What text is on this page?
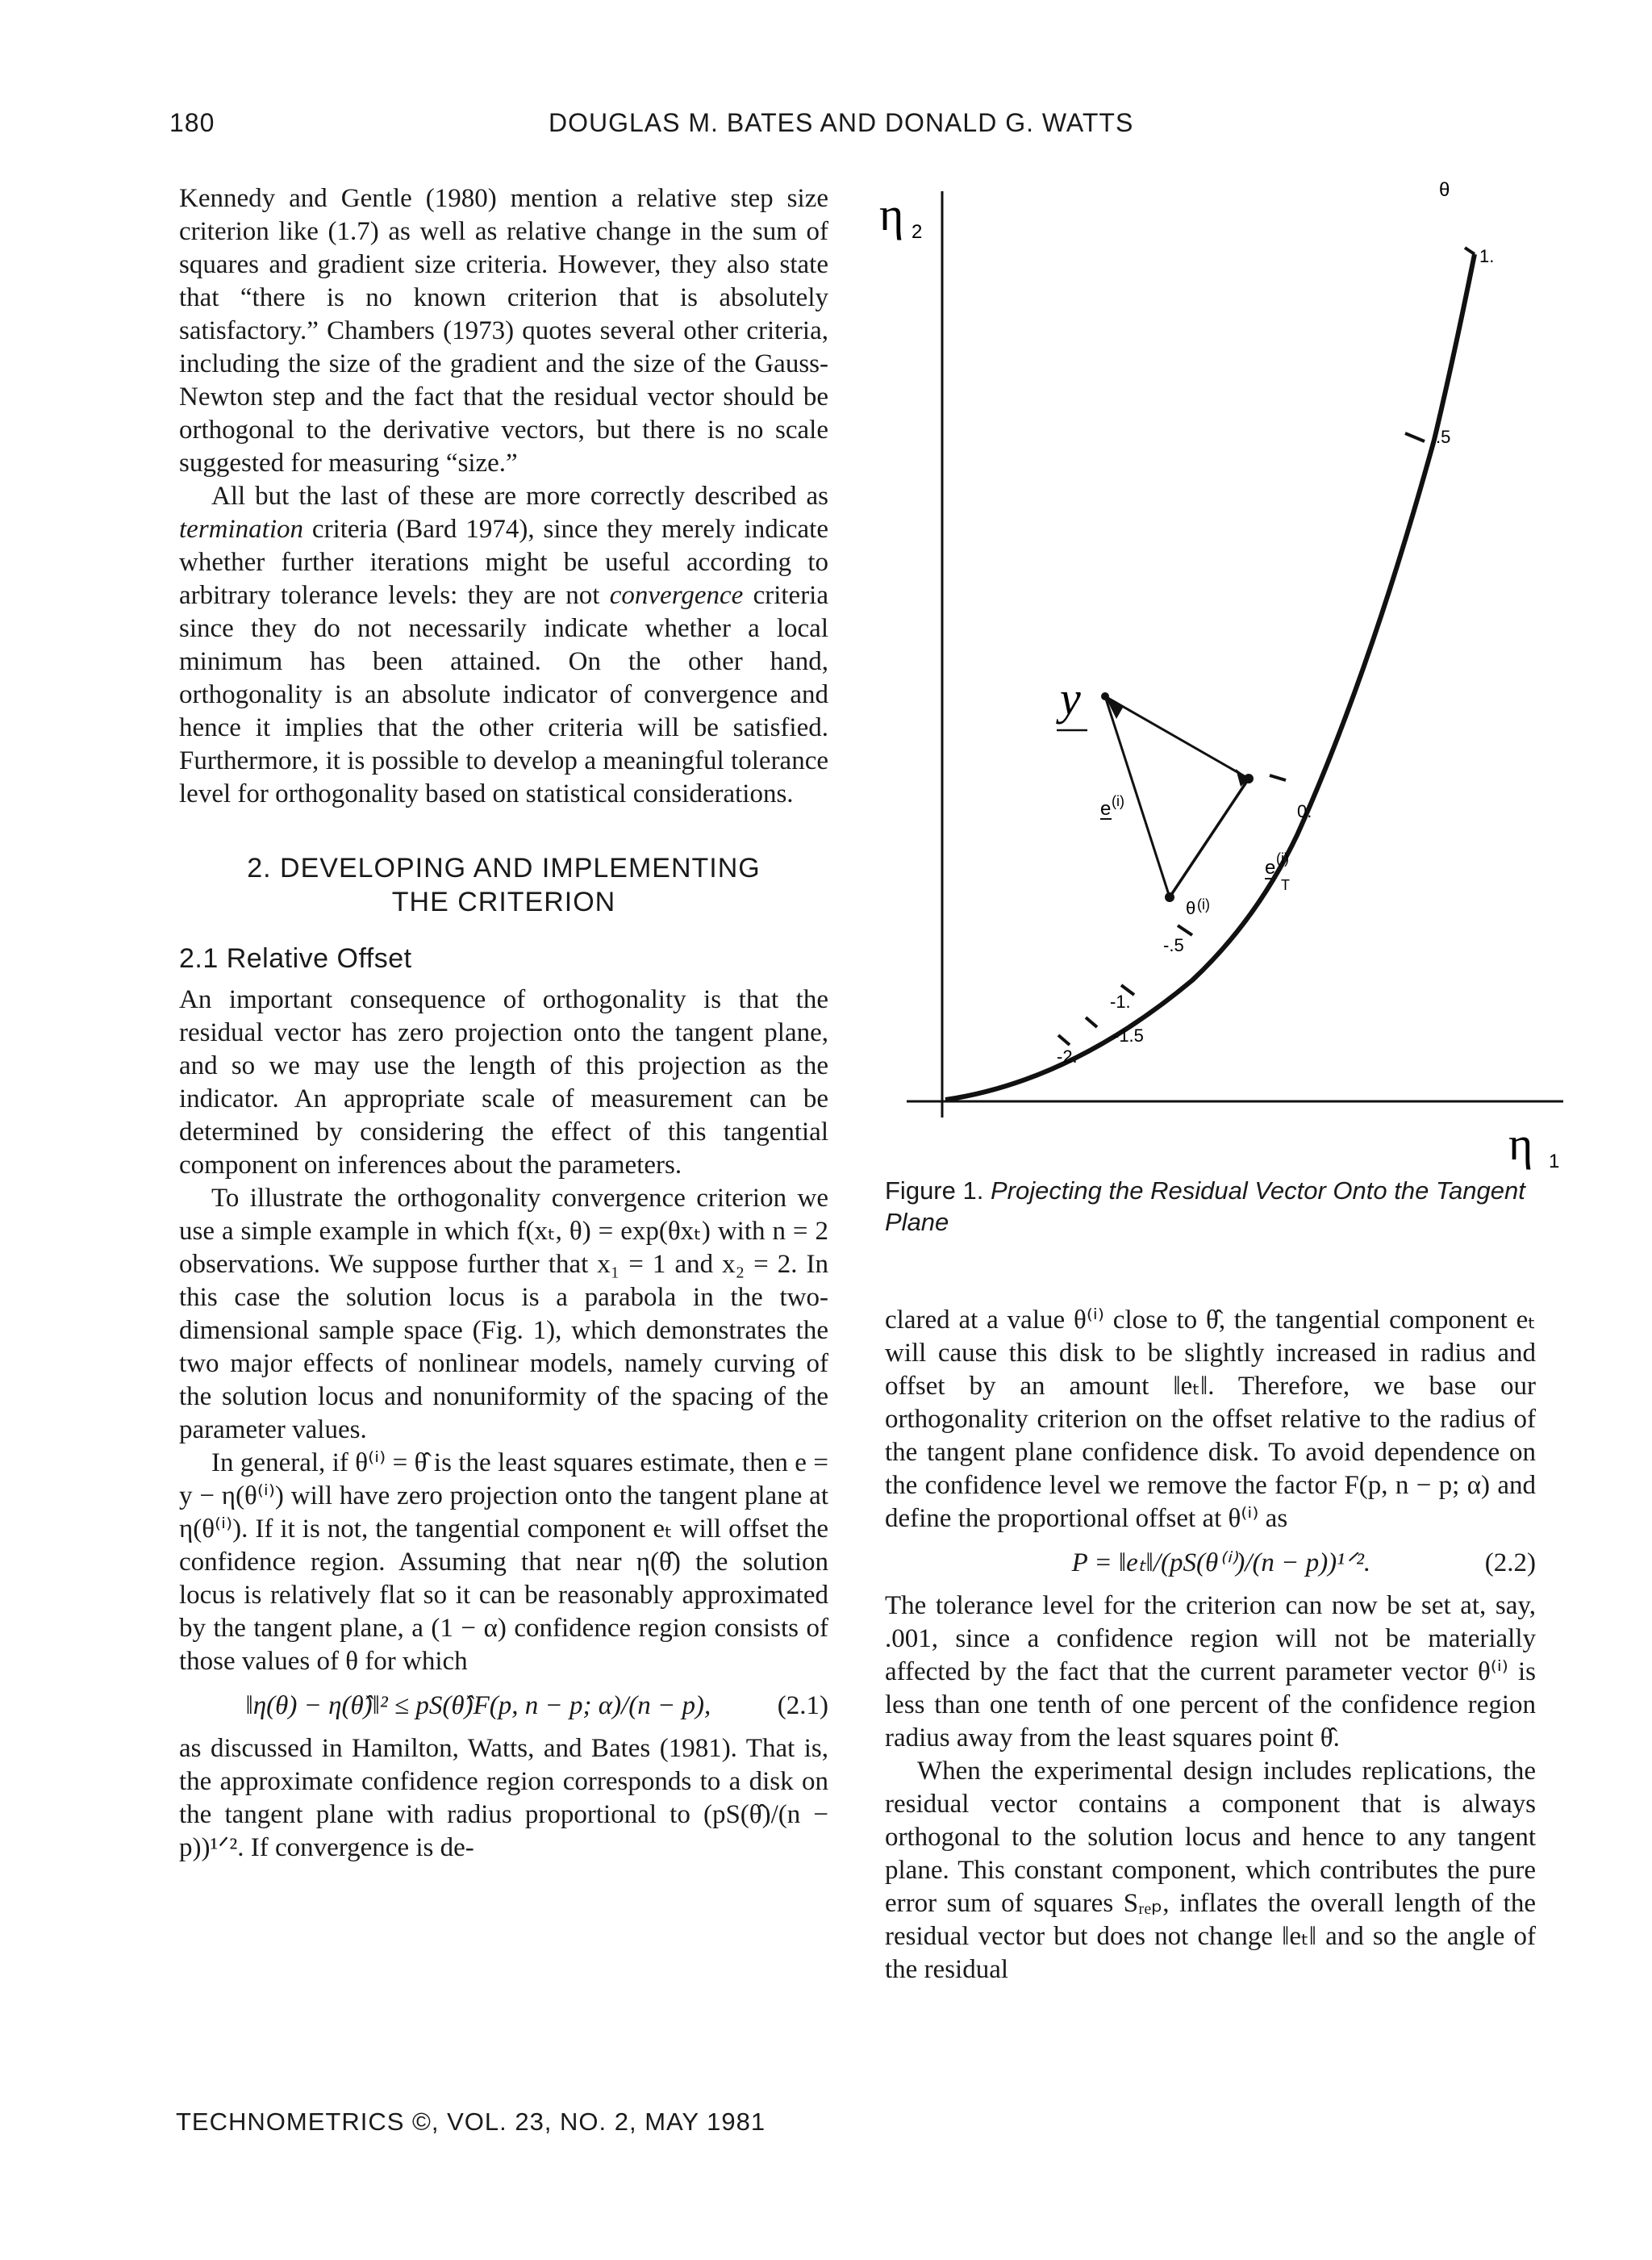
180	DOUGLAS M. BATES AND DONALD G. WATTS

Kennedy and Gentle (1980) mention a relative step size criterion like (1.7) as well as relative change in the sum of squares and gradient size criteria. However, they also state that “there is no known criterion that is absolutely satisfactory.” Chambers (1973) quotes several other criteria, including the size of the gradient and the size of the Gauss-Newton step and the fact that the residual vector should be orthogonal to the derivative vectors, but there is no scale suggested for measuring “size.”

All but the last of these are more correctly described as termination criteria (Bard 1974), since they merely indicate whether further iterations might be useful according to arbitrary tolerance levels: they are not convergence criteria since they do not necessarily indicate whether a local minimum has been attained. On the other hand, orthogonality is an absolute indicator of convergence and hence it implies that the other criteria will be satisfied. Furthermore, it is possible to develop a meaningful tolerance level for orthogonality based on statistical considerations.

2. DEVELOPING AND IMPLEMENTING
THE CRITERION
2.1 Relative Offset

An important consequence of orthogonality is that the residual vector has zero projection onto the tangent plane, and so we may use the length of this projection as the indicator. An appropriate scale of measurement can be determined by considering the effect of this tangential component on inferences about the parameters.

To illustrate the orthogonality convergence criterion we use a simple example in which f(xₜ, θ) = exp(θxₜ) with n = 2 observations. We suppose further that x₁ = 1 and x₂ = 2. In this case the solution locus is a parabola in the two-dimensional sample space (Fig. 1), which demonstrates the two major effects of nonlinear models, namely curving of the solution locus and nonuniformity of the spacing of the parameter values.

In general, if θ⁽ⁱ⁾ = θ̂ is the least squares estimate, then e = y − η(θ⁽ⁱ⁾) will have zero projection onto the tangent plane at η(θ⁽ⁱ⁾). If it is not, the tangential component eₜ will offset the confidence region. Assuming that near η(θ̂) the solution locus is relatively flat so it can be reasonably approximated by the tangent plane, a (1 − α) confidence region consists of those values of θ for which

‖η(θ) − η(θ̂)‖² ≤ pS(θ̂)F(p, n − p; α)/(n − p),	(2.1)

as discussed in Hamilton, Watts, and Bates (1981). That is, the approximate confidence region corresponds to a disk on the tangent plane with radius proportional to (pS(θ̂)/(n − p))¹ᐟ². If convergence is de-

η 2
η 1
θ
1.
.5
0.
-.5
-1.
-1.5
-2.
y
e (i)
e (i)
T
θ (i)
Figure 1. Projecting the Residual Vector Onto the Tangent Plane

clared at a value θ⁽ⁱ⁾ close to θ̂, the tangential component eₜ will cause this disk to be slightly increased in radius and offset by an amount ‖eₜ‖. Therefore, we base our orthogonality criterion on the offset relative to the radius of the tangent plane confidence disk. To avoid dependence on the confidence level we remove the factor F(p, n − p; α) and define the proportional offset at θ⁽ⁱ⁾ as

P = ‖eₜ‖/(pS(θ⁽ⁱ⁾)/(n − p))¹ᐟ².	(2.2)

The tolerance level for the criterion can now be set at, say, .001, since a confidence region will not be materially affected by the fact that the current parameter vector θ⁽ⁱ⁾ is less than one tenth of one percent of the confidence region radius away from the least squares point θ̂.

When the experimental design includes replications, the residual vector contains a component that is always orthogonal to the solution locus and hence to any tangent plane. This constant component, which contributes the pure error sum of squares Sᵣₑₚ, inflates the overall length of the residual vector but does not change ‖eₜ‖ and so the angle of the residual

TECHNOMETRICS ©, VOL. 23, NO. 2, MAY 1981
